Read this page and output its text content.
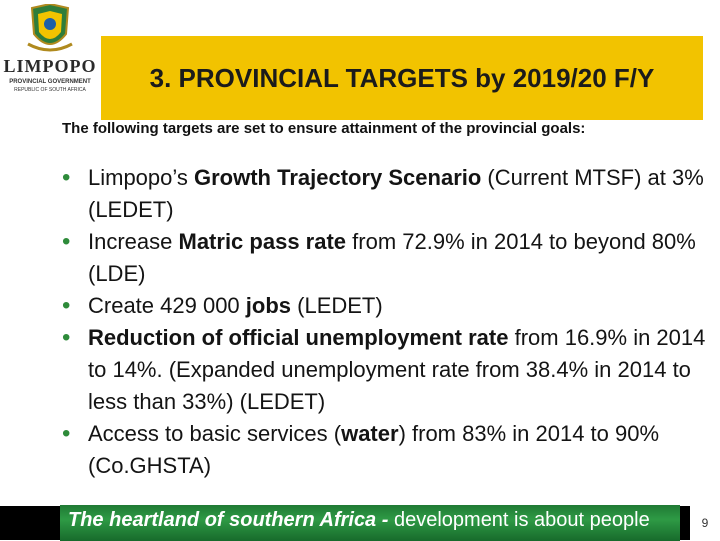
LIMPOPO
PROVINCIAL GOVERNMENT
REPUBLIC OF SOUTH AFRICA	3. PROVINCIAL TARGETS by 2019/20 F/Y
The following targets are set to ensure attainment of the provincial goals:
• Limpopo’s Growth Trajectory Scenario (Current MTSF) at 3% (LEDET)
• Increase Matric pass rate from 72.9% in 2014 to beyond 80% (LDE)
• Create 429 000 jobs (LEDET)
• Reduction of official unemployment rate from 16.9% in 2014 to 14%. (Expanded unemployment rate from 38.4% in 2014 to less than 33%) (LEDET)
• Access to basic services (water) from 83% in 2014 to 90% (Co.GHSTA)
The heartland of southern Africa - development is about people	9
